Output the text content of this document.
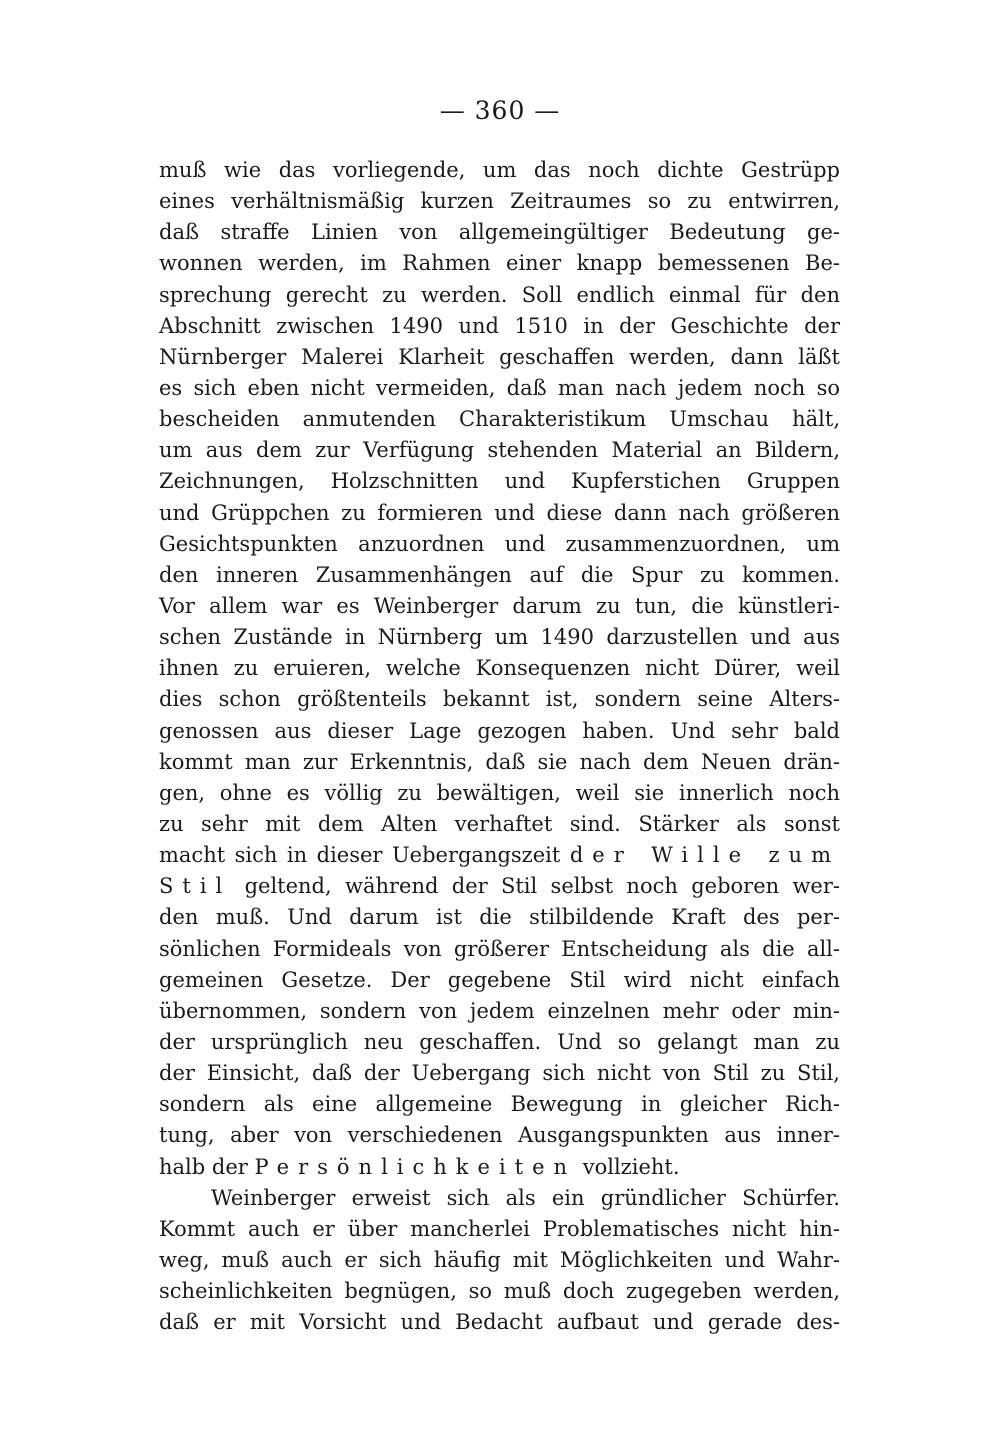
— 360 —
muß wie das vorliegende, um das noch dichte Gestrüpp
eines verhältnismäßig kurzen Zeitraumes so zu entwirren,
daß straffe Linien von allgemeingültiger Bedeutung ge-
wonnen werden, im Rahmen einer knapp bemessenen Be-
sprechung gerecht zu werden. Soll endlich einmal für den
Abschnitt zwischen 1490 und 1510 in der Geschichte der
Nürnberger Malerei Klarheit geschaffen werden, dann läßt
es sich eben nicht vermeiden, daß man nach jedem noch so
bescheiden anmutenden Charakteristikum Umschau hält,
um aus dem zur Verfügung stehenden Material an Bildern,
Zeichnungen, Holzschnitten und Kupferstichen Gruppen
und Grüppchen zu formieren und diese dann nach größeren
Gesichtspunkten anzuordnen und zusammenzuordnen, um
den inneren Zusammenhängen auf die Spur zu kommen.
Vor allem war es Weinberger darum zu tun, die künstleri-
schen Zustände in Nürnberg um 1490 darzustellen und aus
ihnen zu eruieren, welche Konsequenzen nicht Dürer, weil
dies schon größtenteils bekannt ist, sondern seine Alters-
genossen aus dieser Lage gezogen haben. Und sehr bald
kommt man zur Erkenntnis, daß sie nach dem Neuen drän-
gen, ohne es völlig zu bewältigen, weil sie innerlich noch
zu sehr mit dem Alten verhaftet sind. Stärker als sonst
macht sich in dieser Uebergangszeit der Wille zum
Stil geltend, während der Stil selbst noch geboren wer-
den muß. Und darum ist die stilbildende Kraft des per-
sönlichen Formideals von größerer Entscheidung als die all-
gemeinen Gesetze. Der gegebene Stil wird nicht einfach
übernommen, sondern von jedem einzelnen mehr oder min-
der ursprünglich neu geschaffen. Und so gelangt man zu
der Einsicht, daß der Uebergang sich nicht von Stil zu Stil,
sondern als eine allgemeine Bewegung in gleicher Rich-
tung, aber von verschiedenen Ausgangspunkten aus inner-
halb der Persönlichkeiten vollzieht.
Weinberger erweist sich als ein gründlicher Schürfer.
Kommt auch er über mancherlei Problematisches nicht hin-
weg, muß auch er sich häufig mit Möglichkeiten und Wahr-
scheinlichkeiten begnügen, so muß doch zugegeben werden,
daß er mit Vorsicht und Bedacht aufbaut und gerade des-
